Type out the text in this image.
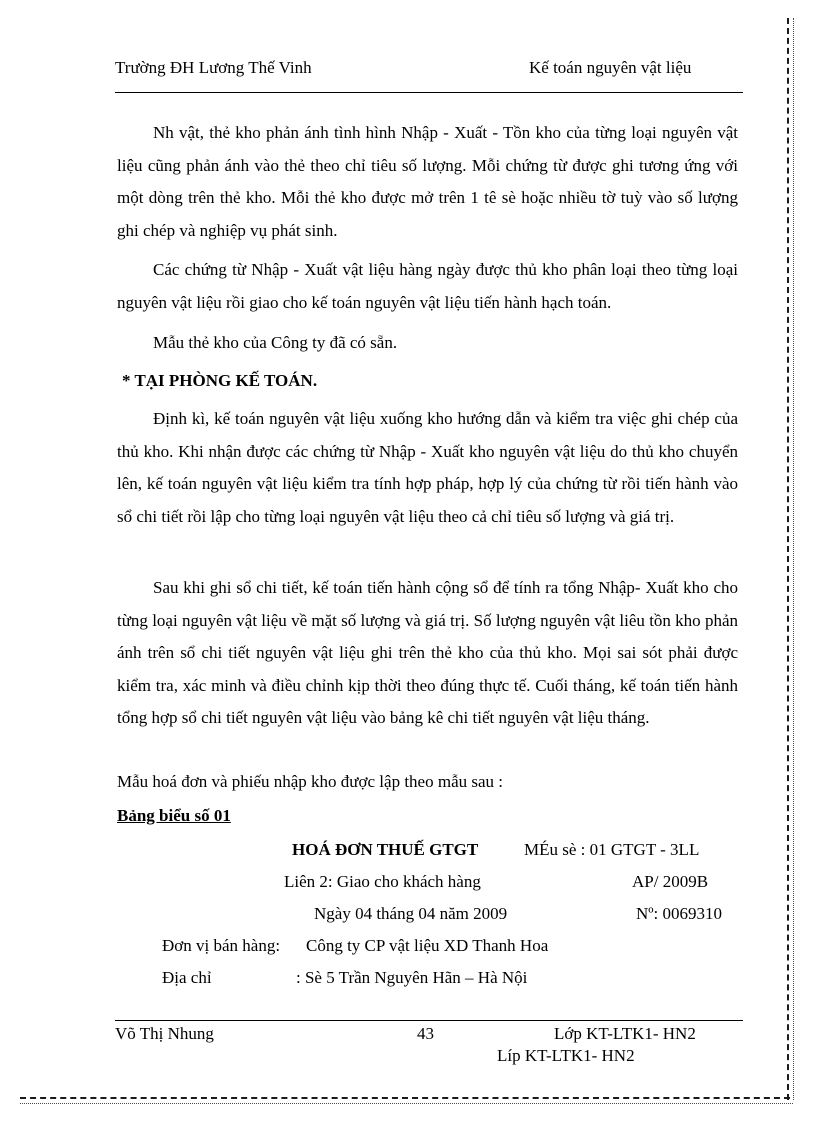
Trường ĐH Lương Thế Vinh	Kế toán nguyên vật liệu

Nh vật, thẻ kho phản ánh tình hình Nhập - Xuất - Tồn kho của từng loại nguyên vật liệu cũng phản ánh vào thẻ theo chỉ tiêu số lượng. Mỗi chứng từ được ghi tương ứng với một dòng trên thẻ kho. Mỗi thẻ kho được mở trên 1 tê sè hoặc nhiều tờ tuỳ vào số lượng ghi chép và nghiệp vụ phát sinh.

Các chứng từ Nhập - Xuất vật liệu hàng ngày được thủ kho phân loại theo từng loại nguyên vật liệu rồi giao cho kế toán nguyên vật liệu tiến hành hạch toán.

Mẫu thẻ kho của Công ty đã có sẵn.

* TẠI PHÒNG KẾ TOÁN.

Định kì, kế toán nguyên vật liệu xuống kho hướng dẫn và kiểm tra việc ghi chép của thủ kho. Khi nhận được các chứng từ Nhập - Xuất kho nguyên vật liệu do thủ kho chuyển lên, kế toán nguyên vật liệu kiểm tra tính hợp pháp, hợp lý của chứng từ rồi tiến hành vào sổ chi tiết rồi lập cho từng loại nguyên vật liệu theo cả chỉ tiêu số lượng và giá trị.

Sau khi ghi sổ chi tiết, kế toán tiến hành cộng sổ để tính ra tổng Nhập- Xuất kho cho từng loại nguyên vật liệu về mặt số lượng và giá trị. Số lượng nguyên vật liêu tồn kho phản ánh trên sổ chi tiết nguyên vật liệu ghi trên thẻ kho của thủ kho. Mọi sai sót phải được kiểm tra, xác minh và điều chỉnh kịp thời theo đúng thực tế. Cuối tháng, kế toán tiến hành tổng hợp sổ chi tiết nguyên vật liệu vào bảng kê chi tiết nguyên vật liệu tháng.

Mẫu hoá đơn và phiếu nhập kho được lập theo mẫu sau :
Bảng biểu số 01
HOÁ ĐƠN THUẾ GTGT	MÉu sè : 01 GTGT - 3LL
Liên 2: Giao cho khách hàng	AP/ 2009B
Ngày 04 tháng 04 năm 2009	Nº: 0069310
Đơn vị bán hàng: Công ty CP vật liệu XD Thanh Hoa
Địa chỉ	: Sè 5 Trần Nguyên Hãn – Hà Nội
Võ Thị Nhung	43	Lớp KT-LTK1- HN2
Líp KT-LTK1- HN2
